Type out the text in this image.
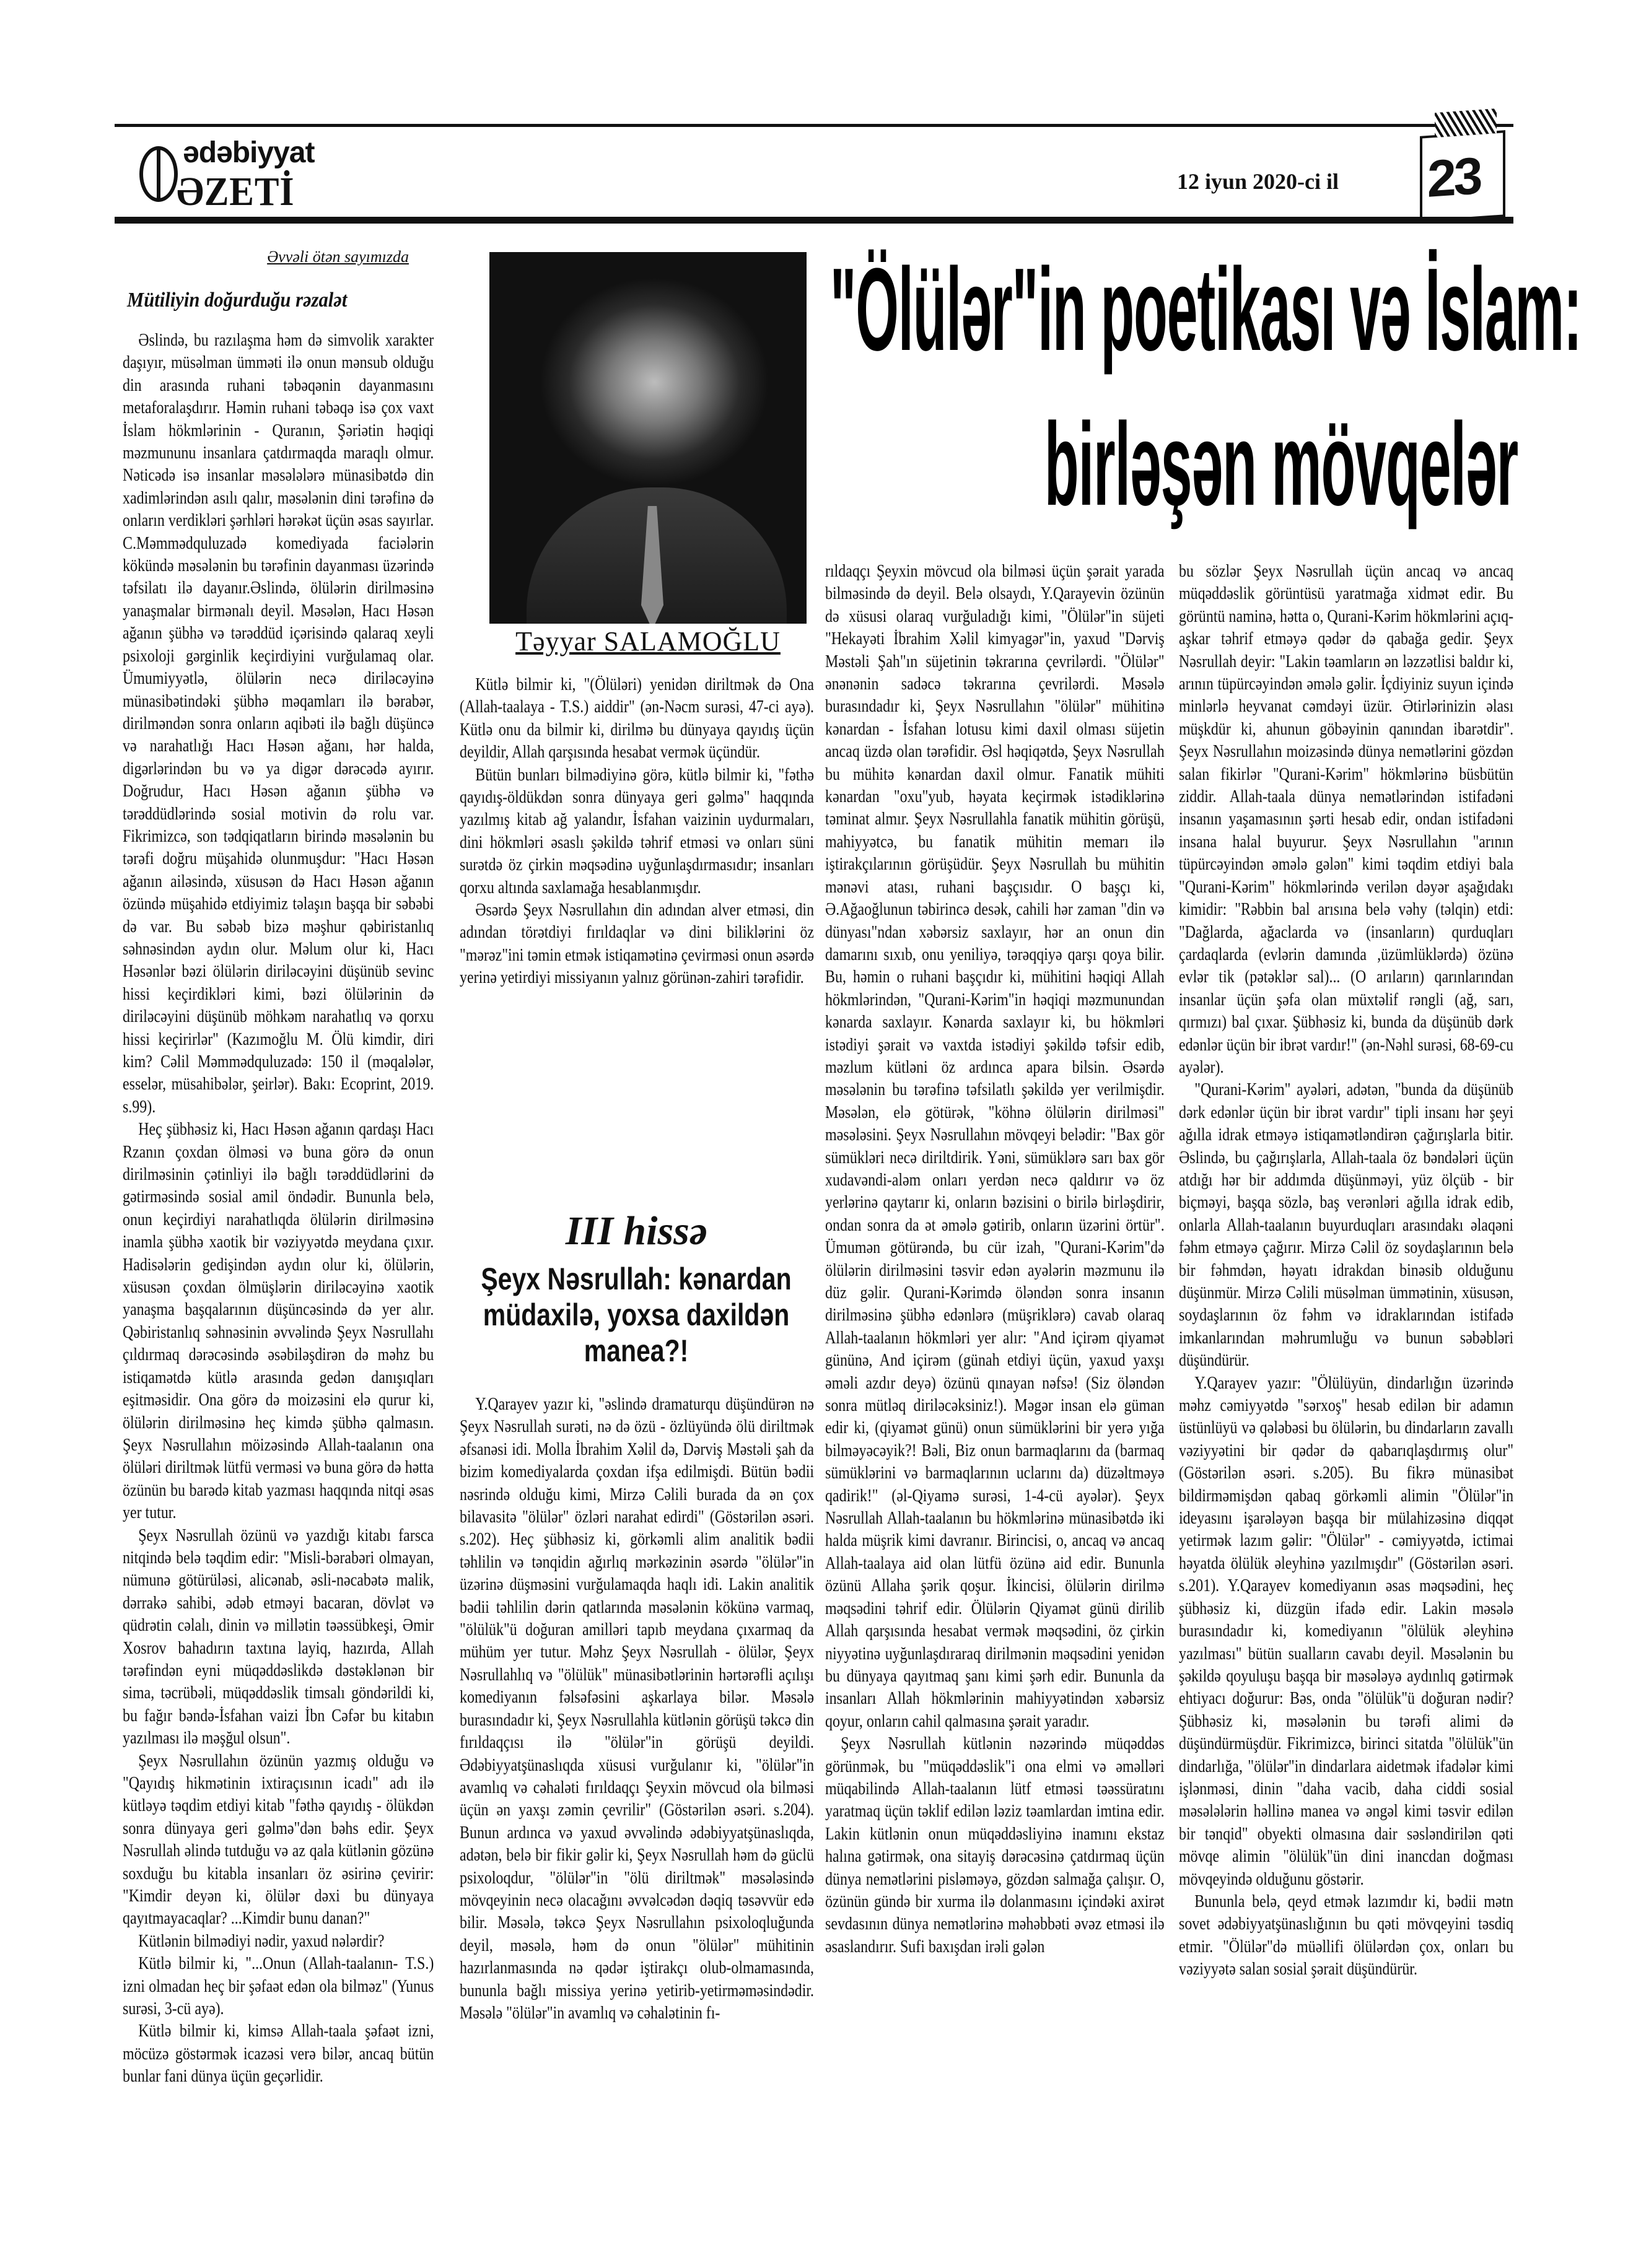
ədəbiyyat
ƏZETİ	12 iyun 2020-ci il 23
Əvvəli ötən sayımızda
Mütiliyin doğurduğu rəzalət

Əslində, bu razılaşma həm də simvolik xarakter daşıyır, müsəlman ümməti ilə onun mənsub olduğu din arasında ruhani təbəqənin dayanmasını metaforalaşdırır. Həmin ruhani təbəqə isə çox vaxt İslam hökmlərinin - Quranın, Şəriətin həqiqi məzmununu insanlara çatdırmaqda maraqlı olmur. Nəticədə isə insanlar məsələlərə münasibətdə din xadimlərindən asılı qalır, məsələnin dini tərəfinə də onların verdikləri şərhləri hərəkət üçün əsas sayırlar. C.Məmmədquluzadə komediyada faciələrin kökündə məsələnin bu tərəfinin dayanması üzərində təfsilatı ilə dayanır.Əslində, ölülərin dirilməsinə yanaşmalar birmənalı deyil. Məsələn, Hacı Həsən ağanın şübhə və tərəddüd içərisində qalaraq xeyli psixoloji gərginlik keçirdiyini vurğulamaq olar. Ümumiyyətlə, ölülərin necə diriləcəyinə münasibətindəki şübhə məqamları ilə bərabər, dirilməndən sonra onların aqibəti ilə bağlı düşüncə və narahatlığı Hacı Həsən ağanı, hər halda, digərlərindən bu və ya digər dərəcədə ayırır. Doğrudur, Hacı Həsən ağanın şübhə və tərəddüdlərində sosial motivin də rolu var. Fikrimizcə, son tədqiqatların birində məsələnin bu tərəfi doğru müşahidə olunmuşdur: "Hacı Həsən ağanın ailəsində, xüsusən də Hacı Həsən ağanın özündə müşahidə etdiyimiz təlaşın başqa bir səbəbi də var. Bu səbəb bizə məşhur qəbiristanlıq səhnəsindən aydın olur. Məlum olur ki, Hacı Həsənlər bəzi ölülərin diriləcəyini düşünüb sevinc hissi keçirdikləri kimi, bəzi ölülərinin də diriləcəyini düşünüb möhkəm narahatlıq və qorxu hissi keçirirlər" (Kazımoğlu M. Ölü kimdir, diri kim? Cəlil Məmmədquluzadə: 150 il (məqalələr, esselər, müsahibələr, şeirlər). Bakı: Ecoprint, 2019. s.99).

Heç şübhəsiz ki, Hacı Həsən ağanın qardaşı Hacı Rzanın çoxdan ölməsi və buna görə də onun dirilməsinin çətinliyi ilə bağlı tərəddüdlərini də gətirməsində sosial amil öndədir. Bununla belə, onun keçirdiyi narahatlıqda ölülərin dirilməsinə inamla şübhə xaotik bir vəziyyətdə meydana çıxır. Hadisələrin gedişindən aydın olur ki, ölülərin, xüsusən çoxdan ölmüşlərin diriləcəyinə xaotik yanaşma başqalarının düşüncəsində də yer alır. Qəbiristanlıq səhnəsinin əvvəlində Şeyx Nəsrullahı çıldırmaq dərəcəsində əsəbiləşdirən də məhz bu istiqamətdə kütlə arasında gedən danışıqları eşitməsidir. Ona görə də moizəsini elə qurur ki, ölülərin dirilməsinə heç kimdə şübhə qalmasın. Şeyx Nəsrullahın möizəsində Allah-taalanın ona ölüləri diriltmək lütfü verməsi və buna görə də hətta özünün bu barədə kitab yazması haqqında nitqi əsas yer tutur.

Şeyx Nəsrullah özünü və yazdığı kitabı farsca nitqində belə təqdim edir: "Misli-bərabəri olmayan, nümunə götürüləsi, alicənab, əsli-nəcabətə malik, dərrakə sahibi, ədəb etməyi bacaran, dövlət və qüdrətin cəlalı, dinin və millətin təəssübkeşi, Əmir Xosrov bahadırın taxtına layiq, hazırda, Allah tərəfindən eyni müqəddəslikdə dəstəklənən bir sima, təcrübəli, müqəddəslik timsalı göndərildi ki, bu fağır bəndə-İsfahan vaizi İbn Cəfər bu kitabın yazılması ilə məşğul olsun".

Şeyx Nəsrullahın özünün yazmış olduğu və "Qayıdış hikmətinin ixtiraçısının icadı" adı ilə kütləyə təqdim etdiyi kitab "fəthə qayıdış - ölükdən sonra dünyaya geri gəlmə"dən bəhs edir. Şeyx Nəsrullah əlində tutduğu və az qala kütlənin gözünə soxduğu bu kitabla insanları öz əsirinə çevirir: "Kimdir deyən ki, ölülər dəxi bu dünyaya qayıtmayacaqlar? ...Kimdir bunu danan?"

Kütlənin bilmədiyi nədir, yaxud nələrdir?

Kütlə bilmir ki, "...Onun (Allah-taalanın- T.S.) izni olmadan heç bir şəfaət edən ola bilməz" (Yunus surəsi, 3-cü ayə).

Kütlə bilmir ki, kimsə Allah-taala şəfaət izni, möcüzə göstərmək icazəsi verə bilər, ancaq bütün bunlar fani dünya üçün geçərlidir.

Təyyar SALAMOĞLU
"Ölülər"in poetikası və İslam:
birləşən mövqelər

Kütlə bilmir ki, "(Ölüləri) yenidən diriltmək də Ona (Allah-taalaya - T.S.) aiddir" (ən-Nəcm surəsi, 47-ci ayə). Kütlə onu da bilmir ki, dirilmə bu dünyaya qayıdış üçün deyildir, Allah qarşısında hesabat vermək üçündür.

Bütün bunları bilmədiyinə görə, kütlə bilmir ki, "fəthə qayıdış-öldükdən sonra dünyaya geri gəlmə" haqqında yazılmış kitab ağ yalandır, İsfahan vaizinin uydurmaları, dini hökmləri əsaslı şəkildə təhrif etməsi və onları süni surətdə öz çirkin məqsədinə uyğunlaşdırmasıdır; insanları qorxu altında saxlamağa hesablanmışdır.

Əsərdə Şeyx Nəsrullahın din adından alver etməsi, din adından törətdiyi fırıldaqlar və dini biliklərini öz "mərəz"ini təmin etmək istiqamətinə çevirməsi onun əsərdə yerinə yetirdiyi missiyanın yalnız görünən-zahiri tərəfidir.

III hissə
Şeyx Nəsrullah: kənardan müdaxilə, yoxsa daxildən manea?!

Y.Qarayev yazır ki, "əslində dramaturqu düşündürən nə Şeyx Nəsrullah surəti, nə də özü - özlüyündə ölü diriltmək əfsanəsi idi. Molla İbrahim Xəlil də, Dərviş Məstəli şah da bizim komediyalarda çoxdan ifşa edilmişdi. Bütün bədii nəsrində olduğu kimi, Mirzə Cəlili burada da ən çox bilavasitə "ölülər" özləri narahat edirdi" (Göstərilən əsəri. s.202). Heç şübhəsiz ki, görkəmli alim analitik bədii təhlilin və tənqidin ağırlıq mərkəzinin əsərdə "ölülər"in üzərinə düşməsini vurğulamaqda haqlı idi. Lakin analitik bədii təhlilin dərin qatlarında məsələnin kökünə varmaq, "ölülük"ü doğuran amilləri tapıb meydana çıxarmaq da mühüm yer tutur. Məhz Şeyx Nəsrullah - ölülər, Şeyx Nəsrullahlıq və "ölülük" münasibətlərinin hərtərəfli açılışı komediyanın fəlsəfəsini aşkarlaya bilər. Məsələ burasındadır ki, Şeyx Nəsrullahla kütlənin görüşü təkcə din fırıldaqçısı ilə "ölülər"in görüşü deyildi. Ədəbiyyatşünaslıqda xüsusi vurğulanır ki, "ölülər"in avamlıq və cəhaləti fırıldaqçı Şeyxin mövcud ola bilməsi üçün ən yaxşı zəmin çevrilir" (Göstərilən əsəri. s.204). Bunun ardınca və yaxud əvvəlində ədəbiyyatşünaslıqda, adətən, belə bir fikir gəlir ki, Şeyx Nəsrullah həm də güclü psixoloqdur, "ölülər"in "ölü diriltmək" məsələsində mövqeyinin necə olacağını əvvəlcədən dəqiq təsəvvür edə bilir. Məsələ, təkcə Şeyx Nəsrullahın psixoloqluğunda deyil, məsələ, həm də onun "ölülər" mühitinin hazırlanmasında nə qədər iştirakçı olub-olmamasında, bununla bağlı missiya yerinə yetirib-yetirməməsindədir. Məsələ "ölülər"in avamlıq və cəhalətinin fı-

rıldaqçı Şeyxin mövcud ola bilməsi üçün şərait yarada bilməsində də deyil. Belə olsaydı, Y.Qarayevin özünün də xüsusi olaraq vurğuladığı kimi, "Ölülər"in süjeti "Hekayəti İbrahim Xəlil kimyagər"in, yaxud "Dərviş Məstəli Şah"ın süjetinin təkrarına çevrilərdi. "Ölülər" ənənənin sadəcə təkrarına çevrilərdi. Məsələ burasındadır ki, Şeyx Nəsrullahın "ölülər" mühitinə kənardan - İsfahan lotusu kimi daxil olması süjetin ancaq üzdə olan tərəfidir. Əsl həqiqətdə, Şeyx Nəsrullah bu mühitə kənardan daxil olmur. Fanatik mühiti kənardan "oxu"yub, həyata keçirmək istədiklərinə təminat almır. Şeyx Nəsrullahla fanatik mühitin görüşü, mahiyyətcə, bu fanatik mühitin memarı ilə iştirakçılarının görüşüdür. Şeyx Nəsrullah bu mühitin mənəvi atası, ruhani başçısıdır. O başçı ki, Ə.Ağaoğlunun təbirincə desək, cahili hər zaman "din və dünyası"ndan xəbərsiz saxlayır, hər an onun din damarını sıxıb, onu yeniliyə, tərəqqiyə qarşı qoya bilir. Bu, həmin o ruhani başçıdır ki, mühitini həqiqi Allah hökmlərindən, "Qurani-Kərim"in həqiqi məzmunundan kənarda saxlayır. Kənarda saxlayır ki, bu hökmləri istədiyi şərait və vaxtda istədiyi şəkildə təfsir edib, məzlum kütləni öz ardınca apara bilsin. Əsərdə məsələnin bu tərəfinə təfsilatlı şəkildə yer verilmişdir. Məsələn, elə götürək, "köhnə ölülərin dirilməsi" məsələsini. Şeyx Nəsrullahın mövqeyi belədir: "Bax gör sümükləri necə diriltdirik. Yəni, sümüklərə sarı bax gör xudavəndi-aləm onları yerdən necə qaldırır və öz yerlərinə qaytarır ki, onların bəzisini o birilə birləşdirir, ondan sonra da ət əmələ gətirib, onların üzərini örtür". Ümumən götürəndə, bu cür izah, "Qurani-Kərim"də ölülərin dirilməsini təsvir edən ayələrin məzmunu ilə düz gəlir. Qurani-Kərimdə öləndən sonra insanın dirilməsinə şübhə edənlərə (müşriklərə) cavab olaraq Allah-taalanın hökmləri yer alır: "And içirəm qiyamət gününə, And içirəm (günah etdiyi üçün, yaxud yaxşı əməli azdır deyə) özünü qınayan nəfsə! (Siz öləndən sonra mütləq diriləcəksiniz!). Məgər insan elə güman edir ki, (qiyamət günü) onun sümüklərini bir yerə yığa bilməyəcəyik?! Bəli, Biz onun barmaqlarını da (barmaq sümüklərini və barmaqlarının uclarını da) düzəltməyə qadirik!" (əl-Qiyamə surəsi, 1-4-cü ayələr). Şeyx Nəsrullah Allah-taalanın bu hökmlərinə münasibətdə iki halda müşrik kimi davranır. Birincisi, o, ancaq və ancaq Allah-taalaya aid olan lütfü özünə aid edir. Bununla özünü Allaha şərik qoşur. İkincisi, ölülərin dirilmə məqsədini təhrif edir. Ölülərin Qiyamət günü dirilib Allah qarşısında hesabat vermək məqsədini, öz çirkin niyyətinə uyğunlaşdıraraq dirilmənin məqsədini yenidən bu dünyaya qayıtmaq şanı kimi şərh edir. Bununla da insanları Allah hökmlərinin mahiyyətindən xəbərsiz qoyur, onların cahil qalmasına şərait yaradır.

Şeyx Nəsrullah kütlənin nəzərində müqəddəs görünmək, bu "müqəddəslik"i ona elmi və əməlləri müqabilində Allah-taalanın lütf etməsi təəssüratını yaratmaq üçün təklif edilən ləziz təamlardan imtina edir. Lakin kütlənin onun müqəddəsliyinə inamını ekstaz halına gətirmək, ona sitayiş dərəcəsinə çatdırmaq üçün dünya nemətlərini pisləməyə, gözdən salmağa çalışır. O, özünün gündə bir xurma ilə dolanmasını içindəki axirət sevdasının dünya nemətlərinə məhəbbəti əvəz etməsi ilə əsaslandırır. Sufi baxışdan irəli gələn

bu sözlər Şeyx Nəsrullah üçün ancaq və ancaq müqəddəslik görüntüsü yaratmağa xidmət edir. Bu görüntü naminə, hətta o, Qurani-Kərim hökmlərini açıq-aşkar təhrif etməyə qədər də qabağa gedir. Şeyx Nəsrullah deyir: "Lakin təamların ən ləzzətlisi baldır ki, arının tüpürcəyindən əmələ gəlir. İçdiyiniz suyun içində minlərlə heyvanat cəmdəyi üzür. Ətirlərinizin əlası müşkdür ki, ahunun göbəyinin qanından ibarətdir". Şeyx Nəsrullahın moizəsində dünya nemətlərini gözdən salan fikirlər "Qurani-Kərim" hökmlərinə büsbütün ziddir. Allah-taala dünya nemətlərindən istifadəni insanın yaşamasının şərti hesab edir, ondan istifadəni insana halal buyurur. Şeyx Nəsrullahın "arının tüpürcəyindən əmələ gələn" kimi təqdim etdiyi bala "Qurani-Kərim" hökmlərində verilən dəyər aşağıdakı kimidir: "Rəbbin bal arısına belə vəhy (təlqin) etdi: "Dağlarda, ağaclarda və (insanların) qurduqları çardaqlarda (evlərin damında ,üzümlüklərdə) özünə evlər tik (pətəklər sal)... (O arıların) qarınlarından insanlar üçün şəfa olan müxtəlif rəngli (ağ, sarı, qırmızı) bal çıxar. Şübhəsiz ki, bunda da düşünüb dərk edənlər üçün bir ibrət vardır!" (ən-Nəhl surəsi, 68-69-cu ayələr).

"Qurani-Kərim" ayələri, adətən, "bunda da düşünüb dərk edənlər üçün bir ibrət vardır" tipli insanı hər şeyi ağılla idrak etməyə istiqamətləndirən çağırışlarla bitir. Əslində, bu çağırışlarla, Allah-taala öz bəndələri üçün atdığı hər bir addımda düşünməyi, yüz ölçüb - bir biçməyi, başqa sözlə, baş verənləri ağılla idrak edib, onlarla Allah-taalanın buyurduqları arasındakı əlaqəni fəhm etməyə çağırır. Mirzə Cəlil öz soydaşlarının belə bir fəhmdən, həyatı idrakdan binəsib olduğunu düşünmür. Mirzə Cəlili müsəlman ümmətinin, xüsusən, soydaşlarının öz fəhm və idraklarından istifadə imkanlarından məhrumluğu və bunun səbəbləri düşündürür.

Y.Qarayev yazır: "Ölülüyün, dindarlığın üzərində məhz cəmiyyətdə "sərxoş" hesab edilən bir adamın üstünlüyü və qələbəsi bu ölülərin, bu dindarların zavallı vəziyyətini bir qədər də qabarıqlaşdırmış olur" (Göstərilən əsəri. s.205). Bu fikrə münasibət bildirməmişdən qabaq görkəmli alimin "Ölülər"in ideyasını işarələyən başqa bir mülahizəsinə diqqət yetirmək lazım gəlir: "Ölülər" - cəmiyyətdə, ictimai həyatda ölülük əleyhinə yazılmışdır" (Göstərilən əsəri. s.201). Y.Qarayev komediyanın əsas məqsədini, heç şübhəsiz ki, düzgün ifadə edir. Lakin məsələ burasındadır ki, komediyanın "ölülük əleyhinə yazılması" bütün sualların cavabı deyil. Məsələnin bu şəkildə qoyuluşu başqa bir məsələyə aydınlıq gətirmək ehtiyacı doğurur: Bəs, onda "ölülük"ü doğuran nədir? Şübhəsiz ki, məsələnin bu tərəfi alimi də düşündürmüşdür. Fikrimizcə, birinci sitatda "ölülük"ün dindarlığa, "ölülər"in dindarlara aidetmək ifadələr kimi işlənməsi, dinin "daha vacib, daha ciddi sosial məsələlərin həllinə manea və əngəl kimi təsvir edilən bir tənqid" obyekti olmasına dair səsləndirilən qəti mövqe alimin "ölülük"ün dini inancdan doğması mövqeyində olduğunu göstərir.

Bununla belə, qeyd etmək lazımdır ki, bədii mətn sovet ədəbiyyatşünaslığının bu qəti mövqeyini təsdiq etmir. "Ölülər"də müəllifi ölülərdən çox, onları bu vəziyyətə salan sosial şərait düşündürür.
